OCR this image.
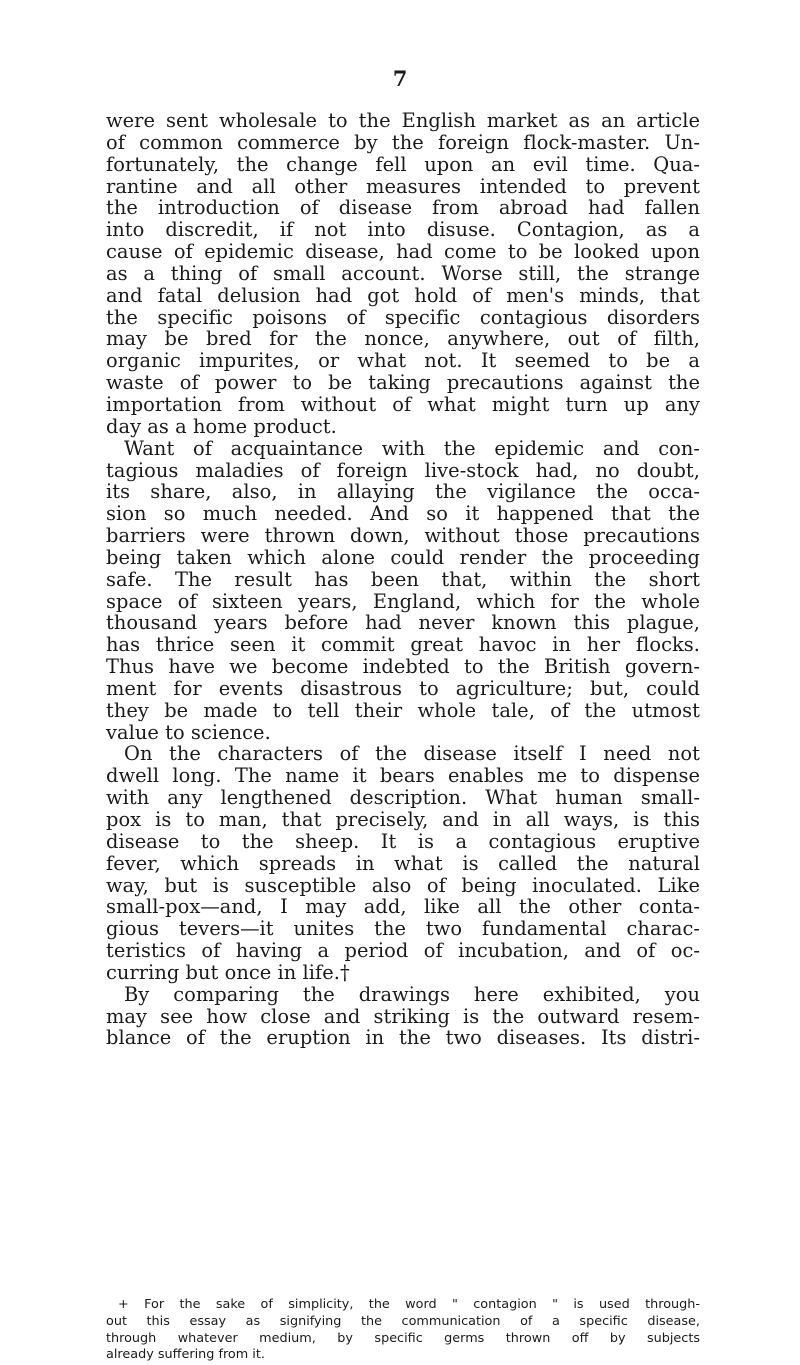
7
were sent wholesale to the English market as an article
of common commerce by the foreign flock-master. Un-
fortunately, the change fell upon an evil time. Qua-
rantine and all other measures intended to prevent
the introduction of disease from abroad had fallen
into discredit, if not into disuse. Contagion, as a
cause of epidemic disease, had come to be looked upon
as a thing of small account. Worse still, the strange
and fatal delusion had got hold of men's minds, that
the specific poisons of specific contagious disorders
may be bred for the nonce, anywhere, out of filth,
organic impurites, or what not. It seemed to be a
waste of power to be taking precautions against the
importation from without of what might turn up any
day as a home product.
Want of acquaintance with the epidemic and con-
tagious maladies of foreign live-stock had, no doubt,
its share, also, in allaying the vigilance the occa-
sion so much needed. And so it happened that the
barriers were thrown down, without those precautions
being taken which alone could render the proceeding
safe. The result has been that, within the short
space of sixteen years, England, which for the whole
thousand years before had never known this plague,
has thrice seen it commit great havoc in her flocks.
Thus have we become indebted to the British govern-
ment for events disastrous to agriculture; but, could
they be made to tell their whole tale, of the utmost
value to science.
On the characters of the disease itself I need not
dwell long. The name it bears enables me to dispense
with any lengthened description. What human small-
pox is to man, that precisely, and in all ways, is this
disease to the sheep. It is a contagious eruptive
fever, which spreads in what is called the natural
way, but is susceptible also of being inoculated. Like
small-pox—and, I may add, like all the other conta-
gious tevers—it unites the two fundamental charac-
teristics of having a period of incubation, and of oc-
curring but once in life.†
By comparing the drawings here exhibited, you
may see how close and striking is the outward resem-
blance of the eruption in the two diseases. Its distri-
+ For the sake of simplicity, the word " contagion " is used through-
out this essay as signifying the communication of a specific disease,
through whatever medium, by specific germs thrown off by subjects
already suffering from it.
